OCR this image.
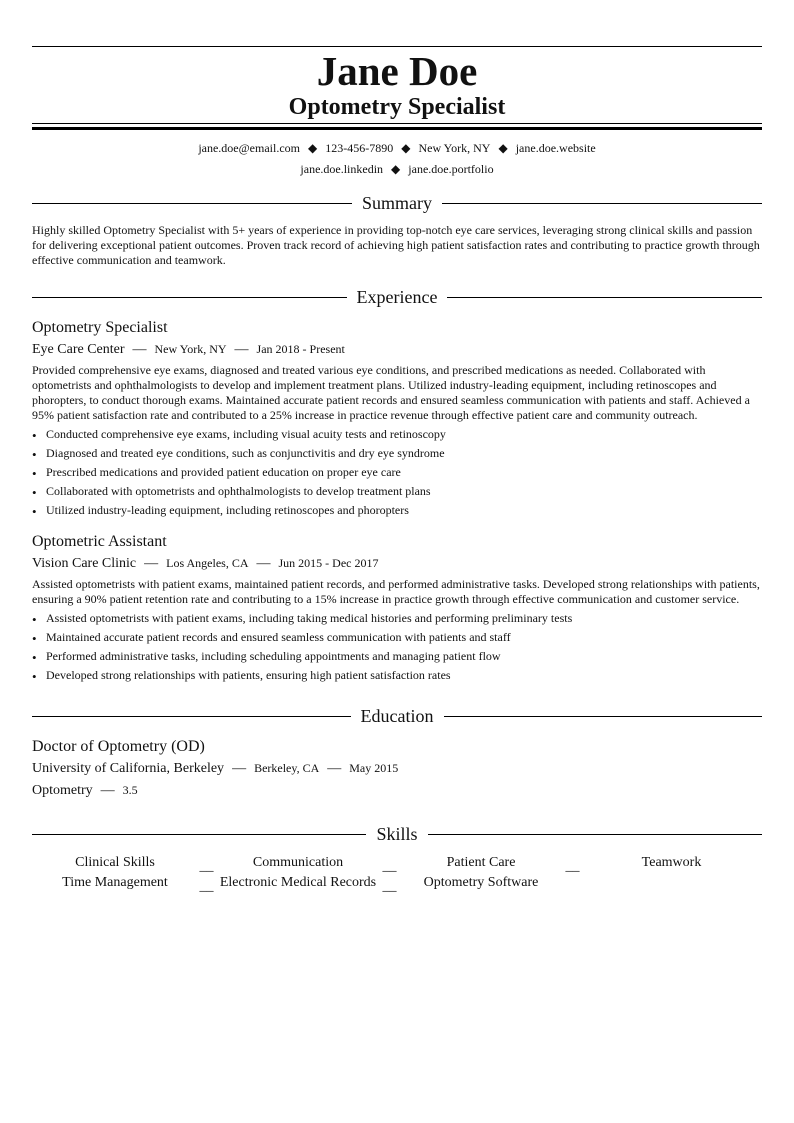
Jane Doe
Optometry Specialist
jane.doe@email.com ◆ 123-456-7890 ◆ New York, NY ◆ jane.doe.website
jane.doe.linkedin ◆ jane.doe.portfolio
Summary
Highly skilled Optometry Specialist with 5+ years of experience in providing top-notch eye care services, leveraging strong clinical skills and passion for delivering exceptional patient outcomes. Proven track record of achieving high patient satisfaction rates and contributing to practice growth through effective communication and teamwork.
Experience
Optometry Specialist
Eye Care Center — New York, NY — Jan 2018 - Present
Provided comprehensive eye exams, diagnosed and treated various eye conditions, and prescribed medications as needed. Collaborated with optometrists and ophthalmologists to develop and implement treatment plans. Utilized industry-leading equipment, including retinoscopes and phoropters, to conduct thorough exams. Maintained accurate patient records and ensured seamless communication with patients and staff. Achieved a 95% patient satisfaction rate and contributed to a 25% increase in practice revenue through effective patient care and community outreach.
• Conducted comprehensive eye exams, including visual acuity tests and retinoscopy
• Diagnosed and treated eye conditions, such as conjunctivitis and dry eye syndrome
• Prescribed medications and provided patient education on proper eye care
• Collaborated with optometrists and ophthalmologists to develop treatment plans
• Utilized industry-leading equipment, including retinoscopes and phoropters
Optometric Assistant
Vision Care Clinic — Los Angeles, CA — Jun 2015 - Dec 2017
Assisted optometrists with patient exams, maintained patient records, and performed administrative tasks. Developed strong relationships with patients, ensuring a 90% patient retention rate and contributing to a 15% increase in practice growth through effective communication and customer service.
• Assisted optometrists with patient exams, including taking medical histories and performing preliminary tests
• Maintained accurate patient records and ensured seamless communication with patients and staff
• Performed administrative tasks, including scheduling appointments and managing patient flow
• Developed strong relationships with patients, ensuring high patient satisfaction rates
Education
Doctor of Optometry (OD)
University of California, Berkeley — Berkeley, CA — May 2015
Optometry — 3.5
Skills
Clinical Skills	__	Communication	__	Patient Care	__	Teamwork
Time Management	__ Electronic Medical Records __	Optometry Software
